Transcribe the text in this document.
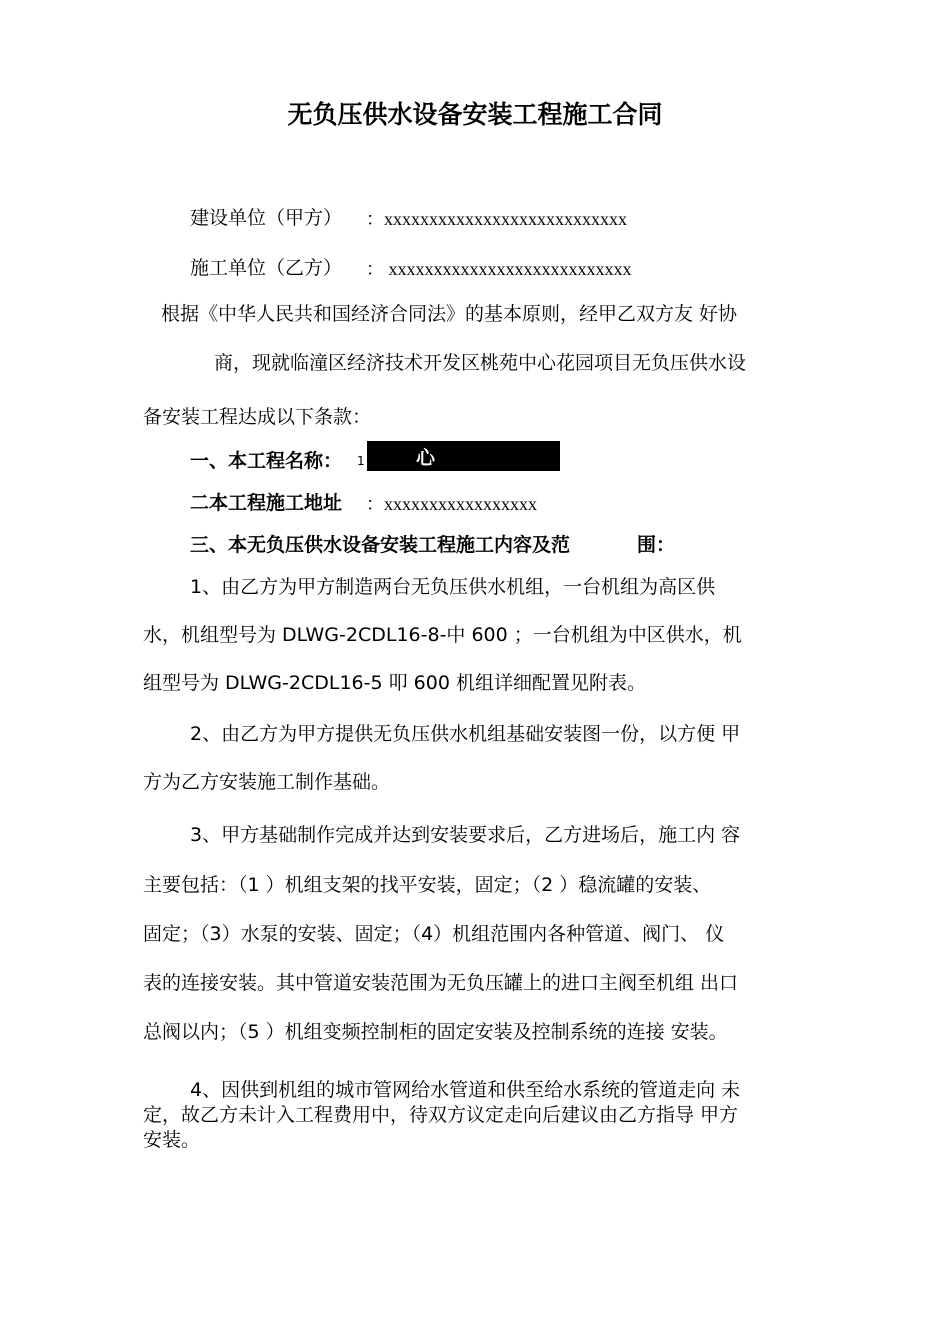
无负压供水设备安装工程施工合同
建设单位（甲方） ：xxxxxxxxxxxxxxxxxxxxxxxxxxx
施工单位（乙方） ： xxxxxxxxxxxxxxxxxxxxxxxxxxx
根据《中华人民共和国经济合同法》的基本原则，经甲乙双方友 好协
商，现就临潼区经济技术开发区桃苑中心花园项目无负压供水设
备安装工程达成以下条款：
一、本工程名称： 1	心
二本工程施工地址 ：xxxxxxxxxxxxxxxxx
三、本无负压供水设备安装工程施工内容及范	围：
1、由乙方为甲方制造两台无负压供水机组，一台机组为高区供
水，机组型号为 DLWG-2CDL16-8-中 600 ；一台机组为中区供水，机
组型号为 DLWG-2CDL16-5 叩 600 机组详细配置见附表。
2、由乙方为甲方提供无负压供水机组基础安装图一份，以方便 甲
方为乙方安装施工制作基础。
3、甲方基础制作完成并达到安装要求后，乙方进场后，施工内 容
主要包括：（1 ）机组支架的找平安装，固定；（2 ）稳流罐的安装、
固定；（3）水泵的安装、固定；（4）机组范围内各种管道、阀门、 仪
表的连接安装。其中管道安装范围为无负压罐上的进口主阀至机组 出口
总阀以内；（5 ）机组变频控制柜的固定安装及控制系统的连接 安装。
4、因供到机组的城市管网给水管道和供至给水系统的管道走向 未
定，故乙方未计入工程费用中，待双方议定走向后建议由乙方指导 甲方
安装。
